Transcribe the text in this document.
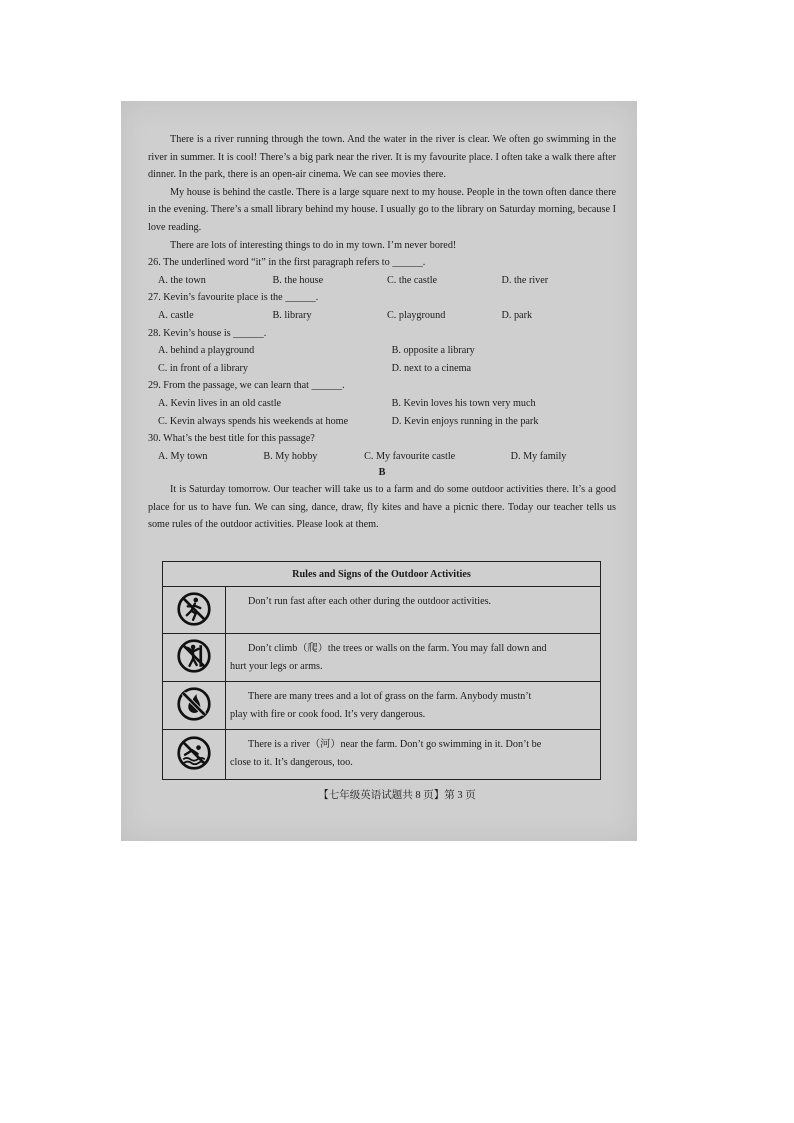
There is a river running through the town. And the water in the river is clear. We often go swimming in the river in summer. It is cool! There’s a big park near the river. It is my favourite place. I often take a walk there after dinner. In the park, there is an open-air cinema. We can see movies there.

My house is behind the castle. There is a large square next to my house. People in the town often dance there in the evening. There’s a small library behind my house. I usually go to the library on Saturday morning, because I love reading.

There are lots of interesting things to do in my town. I’m never bored!

26. The underlined word “it” in the first paragraph refers to ______.

A. the town	B. the house	C. the castle	D. the river

27. Kevin’s favourite place is the ______.

A. castle	B. library	C. playground	D. park

28. Kevin’s house is ______.

A. behind a playground	B. opposite a library
C. in front of a library	D. next to a cinema

29. From the passage, we can learn that ______.

A. Kevin lives in an old castle	B. Kevin loves his town very much
C. Kevin always spends his weekends at home	D. Kevin enjoys running in the park

30. What’s the best title for this passage?

A. My town	B. My hobby	C. My favourite castle	D. My family

B

It is Saturday tomorrow. Our teacher will take us to a farm and do some outdoor activities there. It’s a good place for us to have fun. We can sing, dance, draw, fly kites and have a picnic there. Today our teacher tells us some rules of the outdoor activities. Please look at them.

Rules and Signs of the Outdoor Activities	
	Don’t run fast after each other during the outdoor activities.
	Don’t climb（爬）the trees or walls on the farm. You may fall down and
hurt your legs or arms.
	There are many trees and a lot of grass on the farm. Anybody mustn’t
play with fire or cook food. It’s very dangerous.
	There is a river（河）near the farm. Don’t go swimming in it. Don’t be
close to it. It’s dangerous, too.
【七年级英语试题共 8 页】第 3 页
